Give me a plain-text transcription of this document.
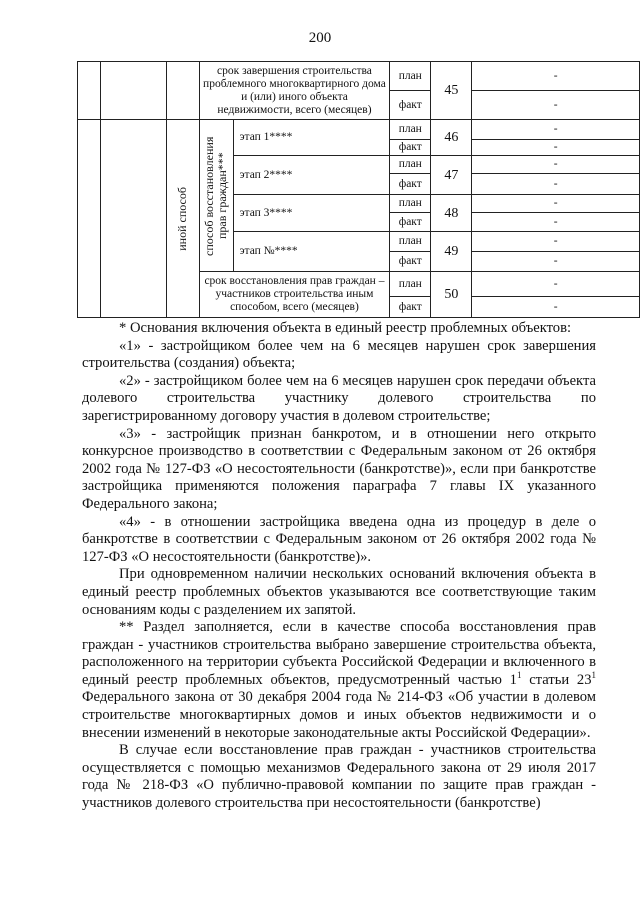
200
			срок завершения строительства проблемного многоквартирного дома и (или) иного объекта недвижимости, всего (месяцев)		план	45	-
					факт		-

		иной способ	способ восстановления прав граждан***	этап 1****	план	46	-
					факт		-
				этап 2****	план	47	-
					факт		-
				этап 3****	план	48	-
					факт		-
				этап №****	план	49	-
					факт		-
			срок восстановления прав граждан – участников строительства иным способом, всего (месяцев)		план	50	-
					факт		-

* Основания включения объекта в единый реестр проблемных объектов:

«1» - застройщиком более чем на 6 месяцев нарушен срок завершения строительства (создания) объекта;

«2» - застройщиком более чем на 6 месяцев нарушен срок передачи объекта долевого строительства участнику долевого строительства по зарегистрированному договору участия в долевом строительстве;

«3» - застройщик признан банкротом, и в отношении него открыто конкурсное производство в соответствии с Федеральным законом от 26 октября 2002 года № 127-ФЗ «О несостоятельности (банкротстве)», если при банкротстве застройщика применяются положения параграфа 7 главы IX указанного Федерального закона;

«4» - в отношении застройщика введена одна из процедур в деле о банкротстве в соответствии с Федеральным законом от 26 октября 2002 года № 127-ФЗ «О несостоятельности (банкротстве)».

При одновременном наличии нескольких оснований включения объекта в единый реестр проблемных объектов указываются все соответствующие таким основаниям коды с разделением их запятой.

** Раздел заполняется, если в качестве способа восстановления прав граждан - участников строительства выбрано завершение строительства объекта, расположенного на территории субъекта Российской Федерации и включенного в единый реестр проблемных объектов, предусмотренный частью $1^1$ статьи $23^1$ Федерального закона от 30 декабря 2004 года № 214-ФЗ «Об участии в долевом строительстве многоквартирных домов и иных объектов недвижимости и о внесении изменений в некоторые законодательные акты Российской Федерации».

В случае если восстановление прав граждан - участников строительства осуществляется с помощью механизмов Федерального закона от 29 июля 2017 года № 218-ФЗ «О публично-правовой компании по защите прав граждан - участников долевого строительства при несостоятельности (банкротстве)
